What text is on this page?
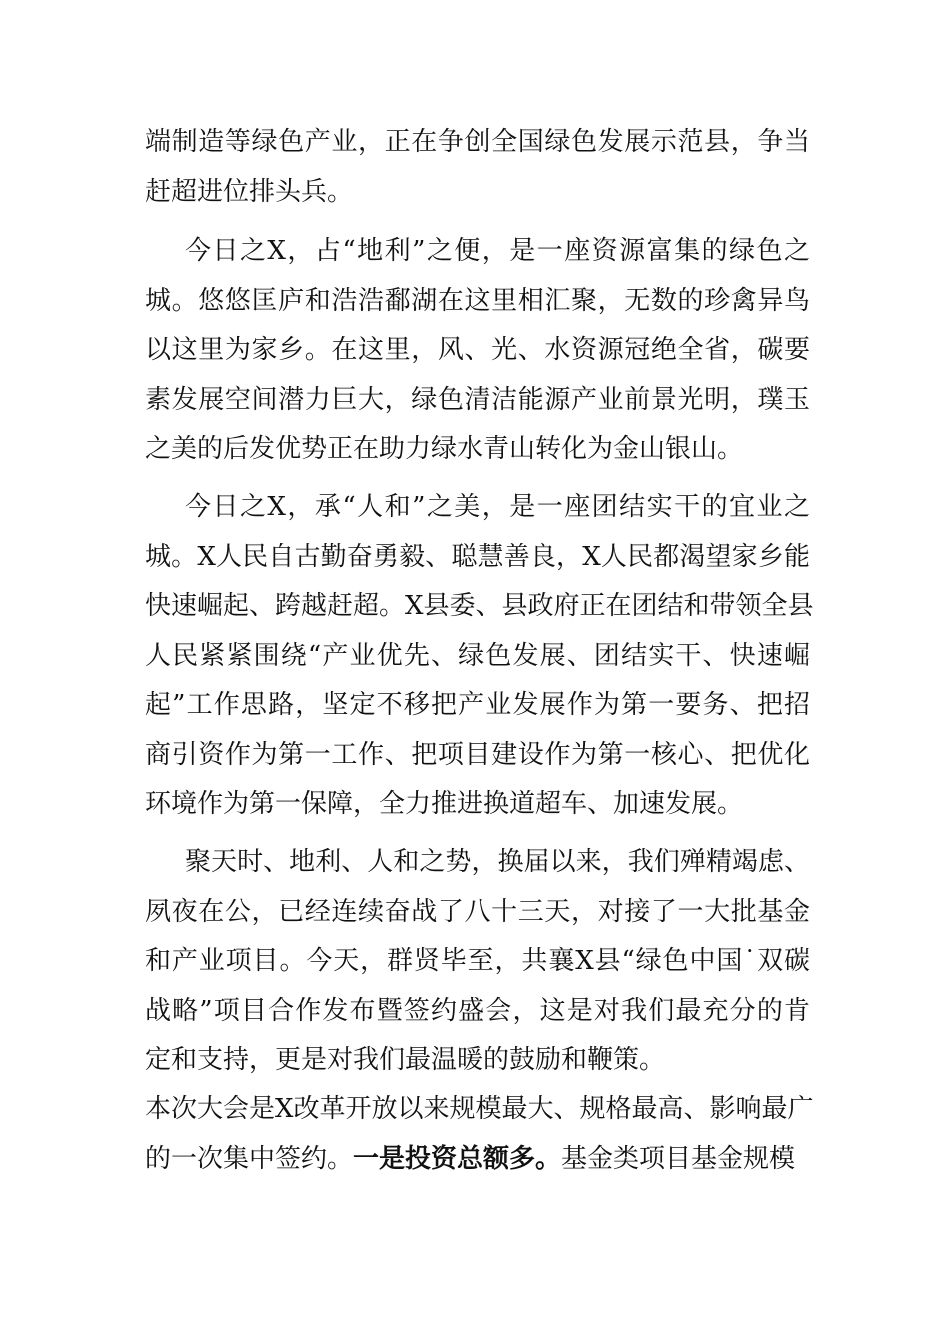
端制造等绿色产业，正在争创全国绿色发展示范县，争当
赶超进位排头兵。
今日之X，占“地利”之便，是一座资源富集的绿色之
城。悠悠匡庐和浩浩鄱湖在这里相汇聚，无数的珍禽异鸟
以这里为家乡。在这里，风、光、水资源冠绝全省，碳要
素发展空间潜力巨大，绿色清洁能源产业前景光明，璞玉
之美的后发优势正在助力绿水青山转化为金山银山。
今日之X，承“人和”之美，是一座团结实干的宜业之
城。X人民自古勤奋勇毅、聪慧善良，X人民都渴望家乡能
快速崛起、跨越赶超。X县委、县政府正在团结和带领全县
人民紧紧围绕“产业优先、绿色发展、团结实干、快速崛
起”工作思路，坚定不移把产业发展作为第一要务、把招
商引资作为第一工作、把项目建设作为第一核心、把优化
环境作为第一保障，全力推进换道超车、加速发展。
聚天时、地利、人和之势，换届以来，我们殚精竭虑、
夙夜在公，已经连续奋战了八十三天，对接了一大批基金
和产业项目。今天，群贤毕至，共襄X县“绿色中国˙双碳
战略”项目合作发布暨签约盛会，这是对我们最充分的肯
定和支持，更是对我们最温暖的鼓励和鞭策。
本次大会是X改革开放以来规模最大、规格最高、影响最广
的一次集中签约。一是投资总额多。基金类项目基金规模
